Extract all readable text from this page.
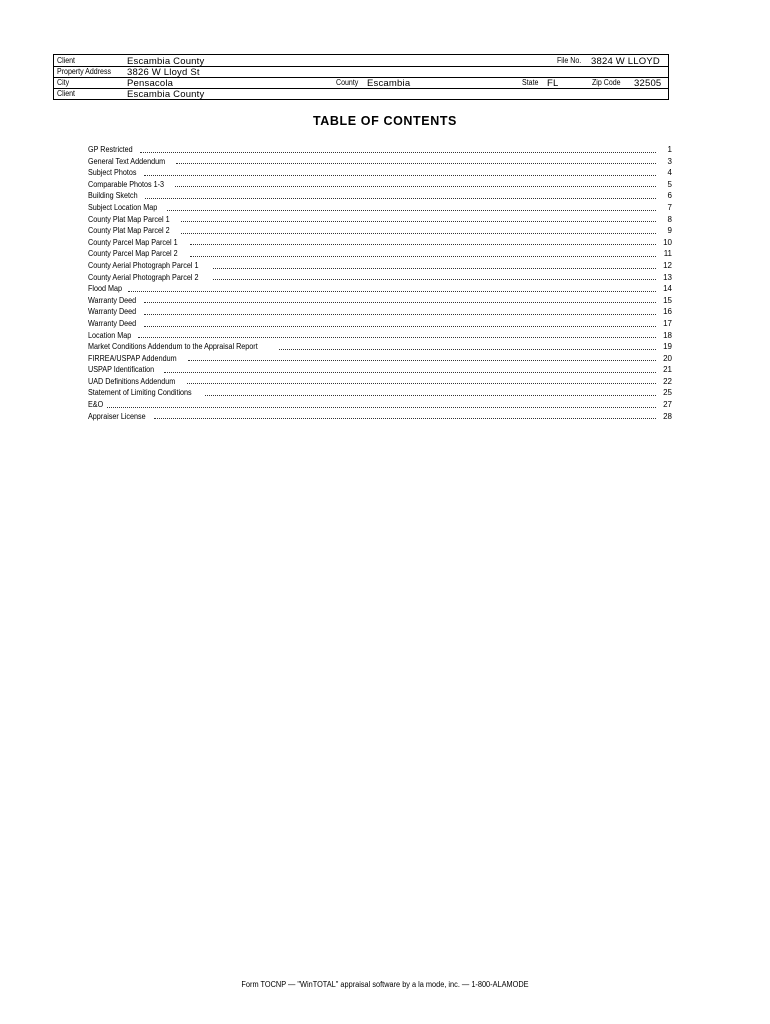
Client	Escambia County	File No. 3824 W LLOYD
Property Address 3826 W Lloyd St
City	Pensacola	County Escambia	State FL	Zip Code 32505
Client	Escambia County
TABLE OF CONTENTS
GP Restricted	1
General Text Addendum	3
Subject Photos	4
Comparable Photos 1-3	5
Building Sketch	6
Subject Location Map	7
County Plat Map Parcel 1	8
County Plat Map Parcel 2	9
County Parcel Map Parcel 1	10
County Parcel Map Parcel 2	11
County Aerial Photograph Parcel 1	12
County Aerial Photograph Parcel 2	13
Flood Map	14
Warranty Deed	15
Warranty Deed	16
Warranty Deed	17
Location Map	18
Market Conditions Addendum to the Appraisal Report	19
FIRREA/USPAP Addendum	20
USPAP Identification	21
UAD Definitions Addendum	22
Statement of Limiting Conditions	25
E&O	27
Appraiser License	28
Form TOCNP — "WinTOTAL" appraisal software by a la mode, inc. — 1-800-ALAMODE
